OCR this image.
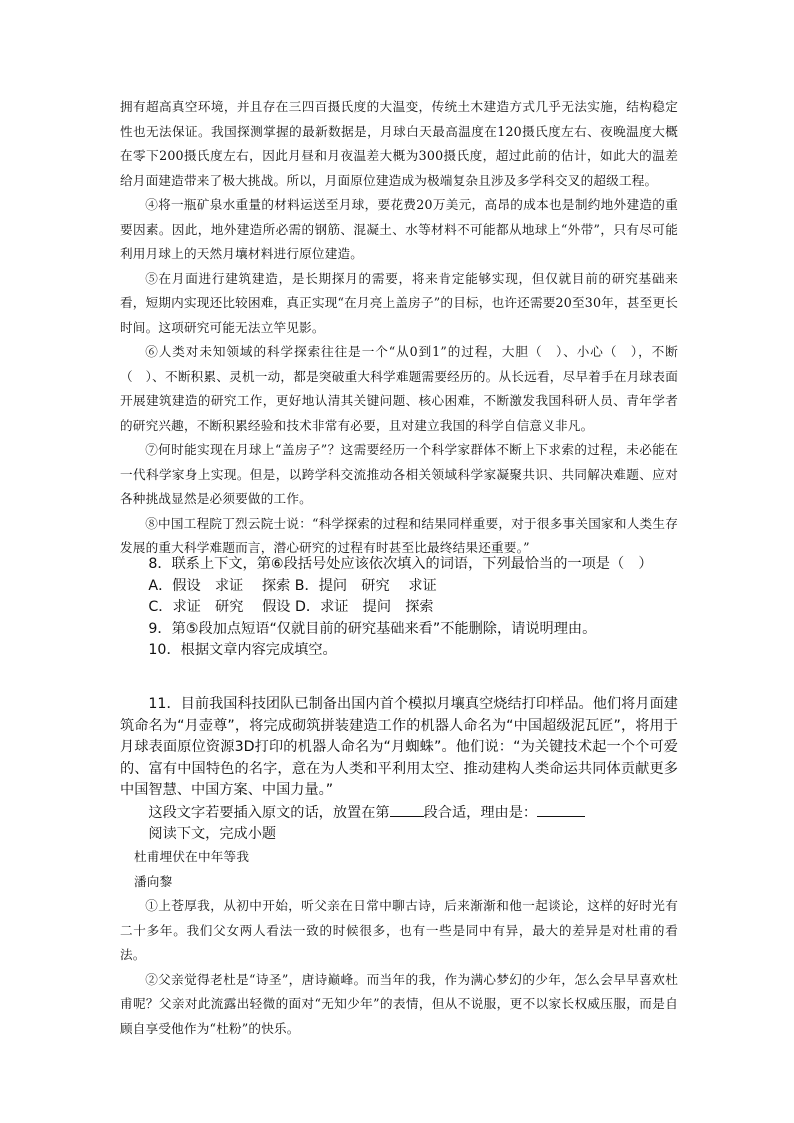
拥有超高真空环境，并且存在三四百摄氏度的大温变，传统土木建造方式几乎无法实施，结构稳定性也无法保证。我国探测掌握的最新数据是，月球白天最高温度在120摄氏度左右、夜晚温度大概在零下200摄氏度左右，因此月昼和月夜温差大概为300摄氏度，超过此前的估计，如此大的温差给月面建造带来了极大挑战。所以，月面原位建造成为极端复杂且涉及多学科交叉的超级工程。

④将一瓶矿泉水重量的材料运送至月球，要花费20万美元，高昂的成本也是制约地外建造的重要因素。因此，地外建造所必需的钢筋、混凝土、水等材料不可能都从地球上“外带”，只有尽可能利用月球上的天然月壤材料进行原位建造。

⑤在月面进行建筑建造，是长期探月的需要，将来肯定能够实现，但仅就目前的研究基础来看，短期内实现还比较困难，真正实现“在月亮上盖房子”的目标，也许还需要20至30年，甚至更长时间。这项研究可能无法立竿见影。

⑥人类对未知领域的科学探索往往是一个“从0到1”的过程，大胆（　）、小心（　），不断（　）、不断积累、灵机一动，都是突破重大科学难题需要经历的。从长远看，尽早着手在月球表面开展建筑建造的研究工作，更好地认清其关键问题、核心困难，不断激发我国科研人员、青年学者的研究兴趣，不断积累经验和技术非常有必要，且对建立我国的科学自信意义非凡。

⑦何时能实现在月球上“盖房子”？这需要经历一个科学家群体不断上下求索的过程，未必能在一代科学家身上实现。但是，以跨学科交流推动各相关领域科学家凝聚共识、共同解决难题、应对各种挑战显然是必须要做的工作。

⑧中国工程院丁烈云院士说：“科学探索的过程和结果同样重要，对于很多事关国家和人类生存发展的重大科学难题而言，潜心研究的过程有时甚至比最终结果还重要。”

8．联系上下文，第⑥段括号处应该依次填入的词语，下列最恰当的一项是（　）

A．假设　求证　 探索 B．提问　研究　 求证

C．求证　研究　 假设 D．求证　提问　探索

9．第⑤段加点短语“仅就目前的研究基础来看”不能删除，请说明理由。

10．根据文章内容完成填空。

11．目前我国科技团队已制备出国内首个模拟月壤真空烧结打印样品。他们将月面建筑命名为“月壶尊”，将完成砌筑拼装建造工作的机器人命名为“中国超级泥瓦匠”，将用于月球表面原位资源3D打印的机器人命名为“月蜘蛛”。他们说：“为关键技术起一个个可爱的、富有中国特色的名字，意在为人类和平利用太空、推动建构人类命运共同体贡献更多中国智慧、中国方案、中国力量。”

这段文字若要插入原文的话，放置在第 段合适，理由是：

阅读下文，完成小题

杜甫埋伏在中年等我

潘向黎

①上苍厚我，从初中开始，听父亲在日常中聊古诗，后来渐渐和他一起谈论，这样的好时光有二十多年。我们父女两人看法一致的时候很多，也有一些是同中有异，最大的差异是对杜甫的看法。

②父亲觉得老杜是“诗圣”，唐诗巅峰。而当年的我，作为满心梦幻的少年，怎么会早早喜欢杜甫呢？父亲对此流露出轻微的面对“无知少年”的表情，但从不说服，更不以家长权威压服，而是自顾自享受他作为“杜粉”的快乐。
